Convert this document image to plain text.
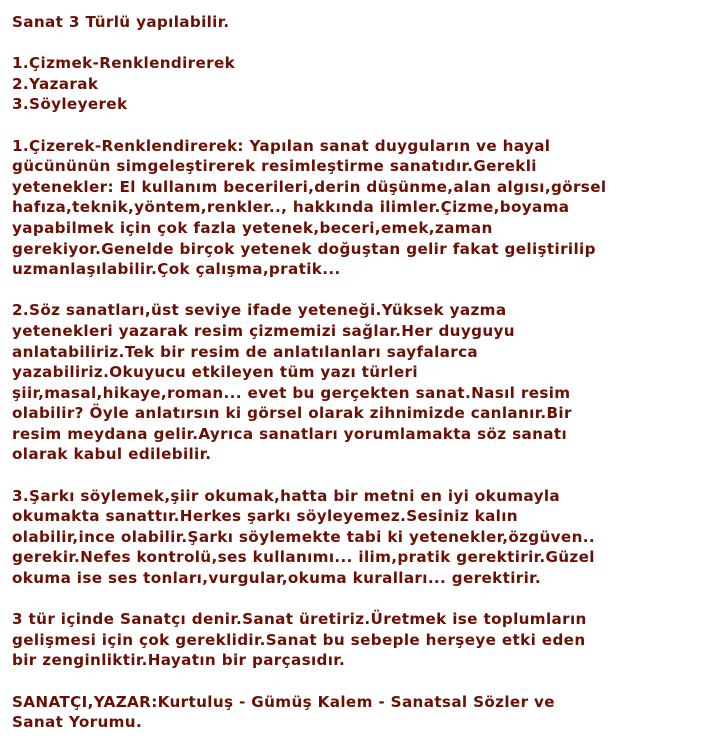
Sanat 3 Türlü yapılabilir.

1.Çizmek-Renklendirerek

2.Yazarak

3.Söyleyerek

1.Çizerek-Renklendirerek: Yapılan sanat duyguların ve hayal

gücününün simgeleştirerek resimleştirme sanatıdır.Gerekli

yetenekler: El kullanım becerileri,derin düşünme,alan algısı,görsel

hafıza,teknik,yöntem,renkler.., hakkında ilimler.Çizme,boyama

yapabilmek için çok fazla yetenek,beceri,emek,zaman

gerekiyor.Genelde birçok yetenek doğuştan gelir fakat geliştirilip

uzmanlaşılabilir.Çok çalışma,pratik...

2.Söz sanatları,üst seviye ifade yeteneği.Yüksek yazma

yetenekleri yazarak resim çizmemizi sağlar.Her duyguyu

anlatabiliriz.Tek bir resim de anlatılanları sayfalarca

yazabiliriz.Okuyucu etkileyen tüm yazı türleri

şiir,masal,hikaye,roman... evet bu gerçekten sanat.Nasıl resim

olabilir? Öyle anlatırsın ki görsel olarak zihnimizde canlanır.Bir

resim meydana gelir.Ayrıca sanatları yorumlamakta söz sanatı

olarak kabul edilebilir.

3.Şarkı söylemek,şiir okumak,hatta bir metni en iyi okumayla

okumakta sanattır.Herkes şarkı söyleyemez.Sesiniz kalın

olabilir,ince olabilir.Şarkı söylemekte tabi ki yetenekler,özgüven..

gerekir.Nefes kontrolü,ses kullanımı... ilim,pratik gerektirir.Güzel

okuma ise ses tonları,vurgular,okuma kuralları... gerektirir.

3 tür içinde Sanatçı denir.Sanat üretiriz.Üretmek ise toplumların

gelişmesi için çok gereklidir.Sanat bu sebeple herşeye etki eden

bir zenginliktir.Hayatın bir parçasıdır.

SANATÇI,YAZAR:Kurtuluş - Gümüş Kalem - Sanatsal Sözler ve

Sanat Yorumu.
